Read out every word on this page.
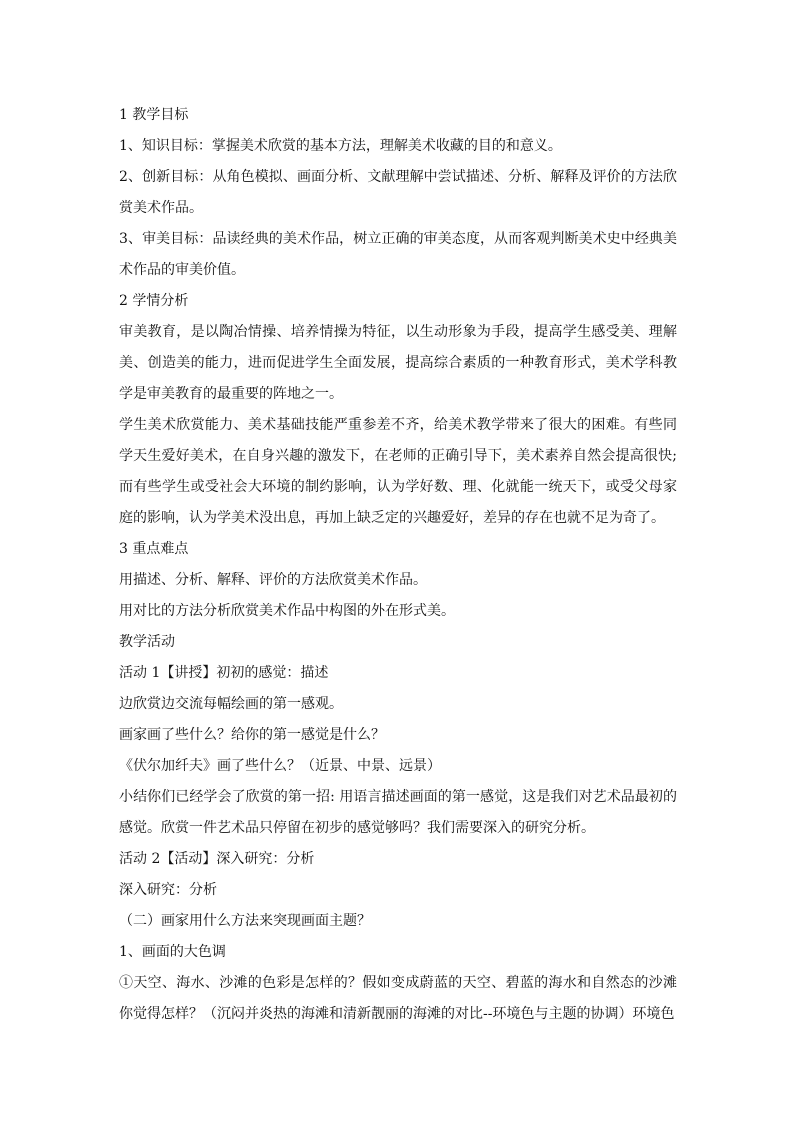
1 教学目标

1、知识目标：掌握美术欣赏的基本方法，理解美术收藏的目的和意义。

2、创新目标：从角色模拟、画面分析、文献理解中尝试描述、分析、解释及评价的方法欣赏美术作品。

3、审美目标：品读经典的美术作品，树立正确的审美态度，从而客观判断美术史中经典美术作品的审美价值。

2 学情分析

审美教育，是以陶冶情操、培养情操为特征，以生动形象为手段，提高学生感受美、理解美、创造美的能力，进而促进学生全面发展，提高综合素质的一种教育形式，美术学科教学是审美教育的最重要的阵地之一。

学生美术欣赏能力、美术基础技能严重参差不齐，给美术教学带来了很大的困难。有些同学天生爱好美术，在自身兴趣的激发下，在老师的正确引导下，美术素养自然会提高很快;而有些学生或受社会大环境的制约影响，认为学好数、理、化就能一统天下，或受父母家庭的影响，认为学美术没出息，再加上缺乏定的兴趣爱好，差异的存在也就不足为奇了。

3 重点难点

用描述、分析、解释、评价的方法欣赏美术作品。

用对比的方法分析欣赏美术作品中构图的外在形式美。

教学活动

活动 1【讲授】初初的感觉：描述

边欣赏边交流每幅绘画的第一感观。

画家画了些什么？给你的第一感觉是什么？

《伏尔加纤夫》画了些什么？（近景、中景、远景）

小结你们已经学会了欣赏的第一招: 用语言描述画面的第一感觉，这是我们对艺术品最初的感觉。欣赏一件艺术品只停留在初步的感觉够吗？我们需要深入的研究分析。

活动 2【活动】深入研究：分析

深入研究：分析

（二）画家用什么方法来突现画面主题？

1、画面的大色调

①天空、海水、沙滩的色彩是怎样的？假如变成蔚蓝的天空、碧蓝的海水和自然态的沙滩你觉得怎样？（沉闷并炎热的海滩和清新靓丽的海滩的对比--环境色与主题的协调）环境色
